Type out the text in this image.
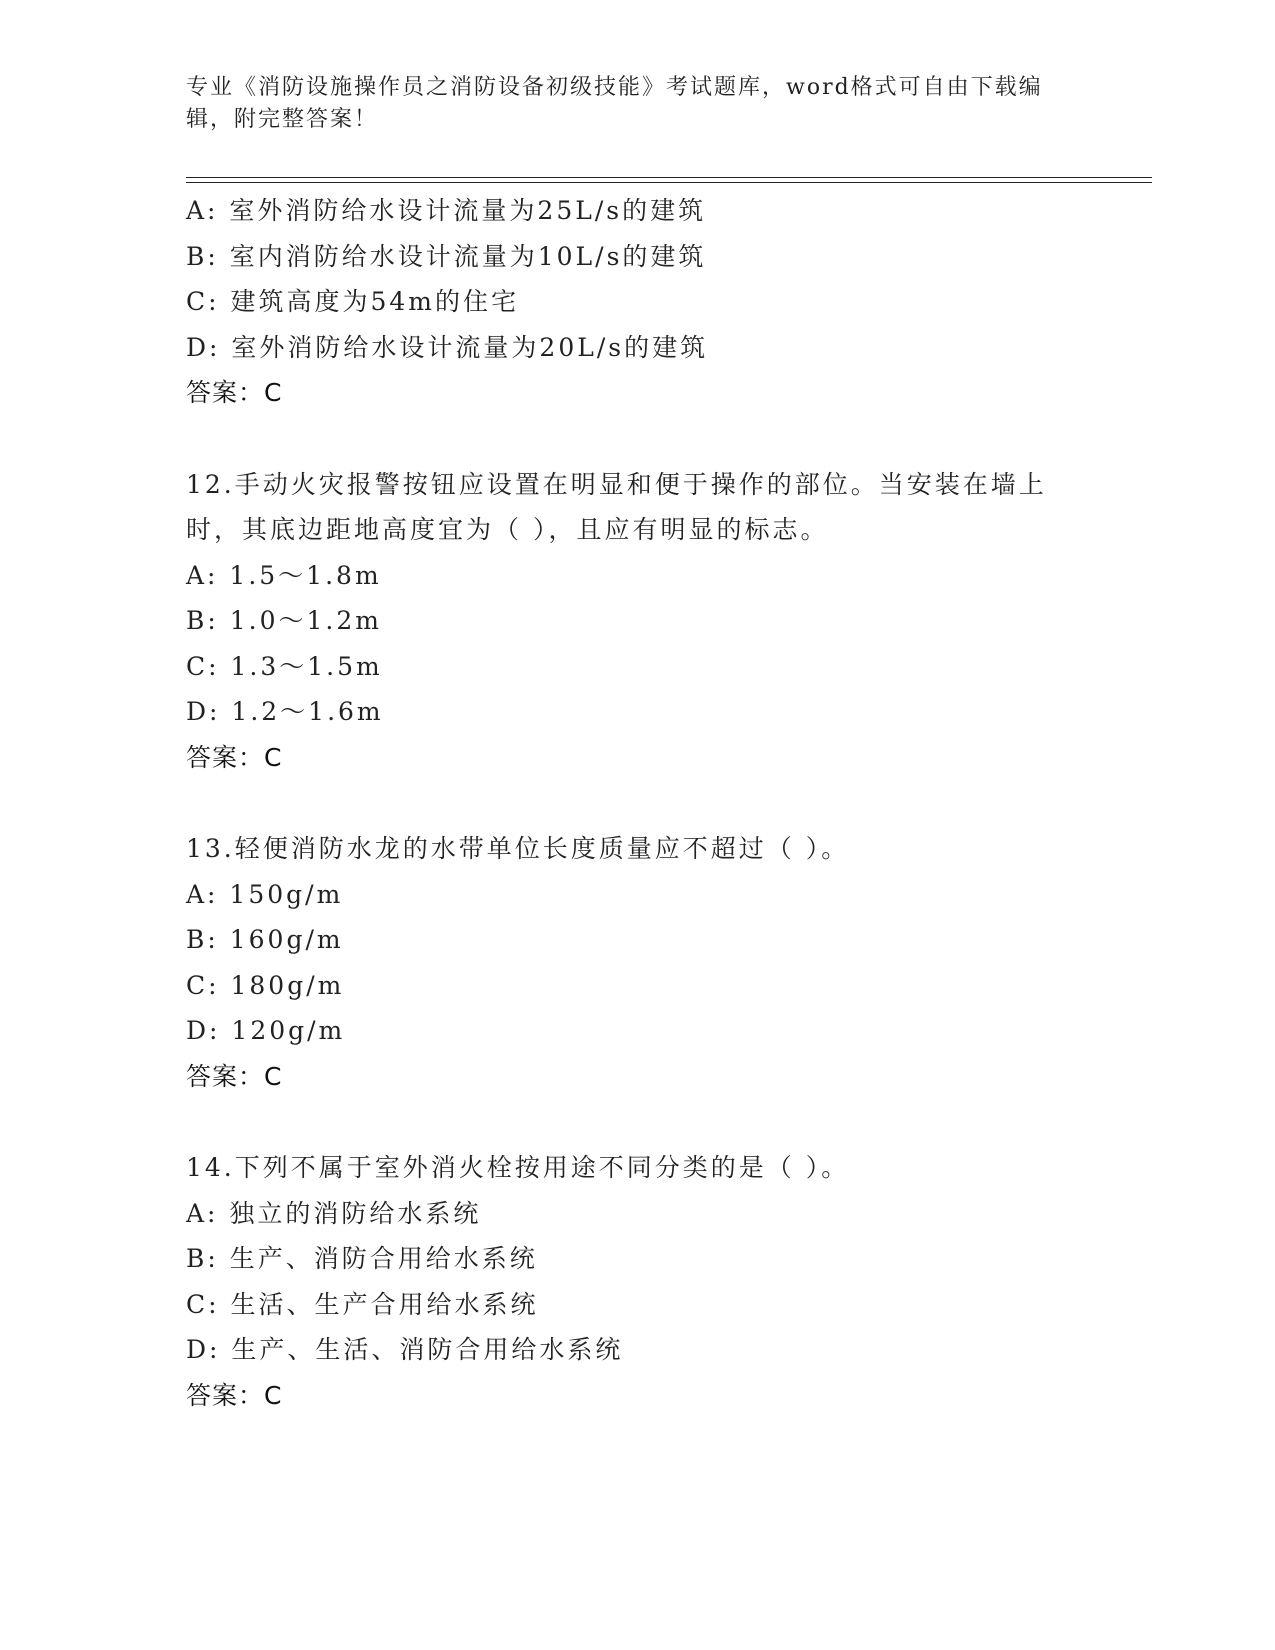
专业《消防设施操作员之消防设备初级技能》考试题库，word格式可自由下载编
辑，附完整答案！
A: 室外消防给水设计流量为25L/s的建筑
B: 室内消防给水设计流量为10L/s的建筑
C: 建筑高度为54m的住宅
D: 室外消防给水设计流量为20L/s的建筑
答案：C
12.手动火灾报警按钮应设置在明显和便于操作的部位。当安装在墙上
时，其底边距地高度宜为（ ），且应有明显的标志。
A: 1.5～1.8m
B: 1.0～1.2m
C: 1.3～1.5m
D: 1.2～1.6m
答案：C
13.轻便消防水龙的水带单位长度质量应不超过（ ）。
A: 150g/m
B: 160g/m
C: 180g/m
D: 120g/m
答案：C
14.下列不属于室外消火栓按用途不同分类的是（ ）。
A: 独立的消防给水系统
B: 生产、消防合用给水系统
C: 生活、生产合用给水系统
D: 生产、生活、消防合用给水系统
答案：C
